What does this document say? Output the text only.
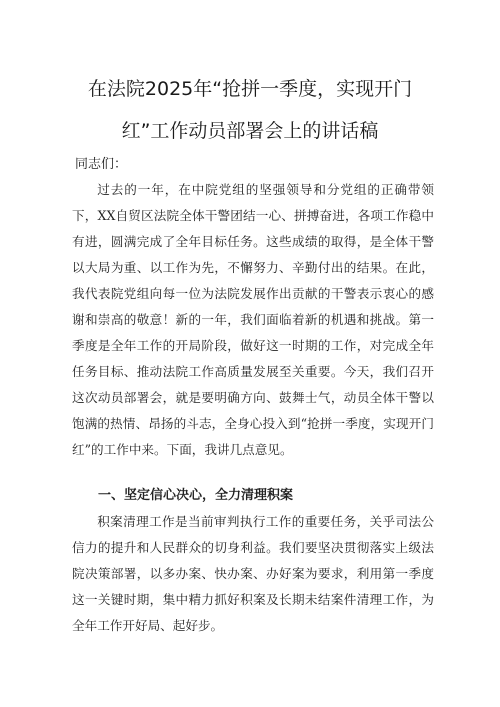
在法院2025年“抢拼一季度，实现开门
红”工作动员部署会上的讲话稿
同志们：

过去的一年，在中院党组的坚强领导和分党组的正确带领下，XX自贸区法院全体干警团结一心、拼搏奋进，各项工作稳中有进，圆满完成了全年目标任务。这些成绩的取得，是全体干警以大局为重、以工作为先，不懈努力、辛勤付出的结果。在此，我代表院党组向每一位为法院发展作出贡献的干警表示衷心的感谢和崇高的敬意！新的一年，我们面临着新的机遇和挑战。第一季度是全年工作的开局阶段，做好这一时期的工作，对完成全年任务目标、推动法院工作高质量发展至关重要。今天，我们召开这次动员部署会，就是要明确方向、鼓舞士气，动员全体干警以饱满的热情、昂扬的斗志，全身心投入到“抢拼一季度，实现开门红”的工作中来。下面，我讲几点意见。

一、坚定信心决心，全力清理积案

积案清理工作是当前审判执行工作的重要任务，关乎司法公信力的提升和人民群众的切身利益。我们要坚决贯彻落实上级法院决策部署，以多办案、快办案、办好案为要求，利用第一季度这一关键时期，集中精力抓好积案及长期未结案件清理工作，为全年工作开好局、起好步。
